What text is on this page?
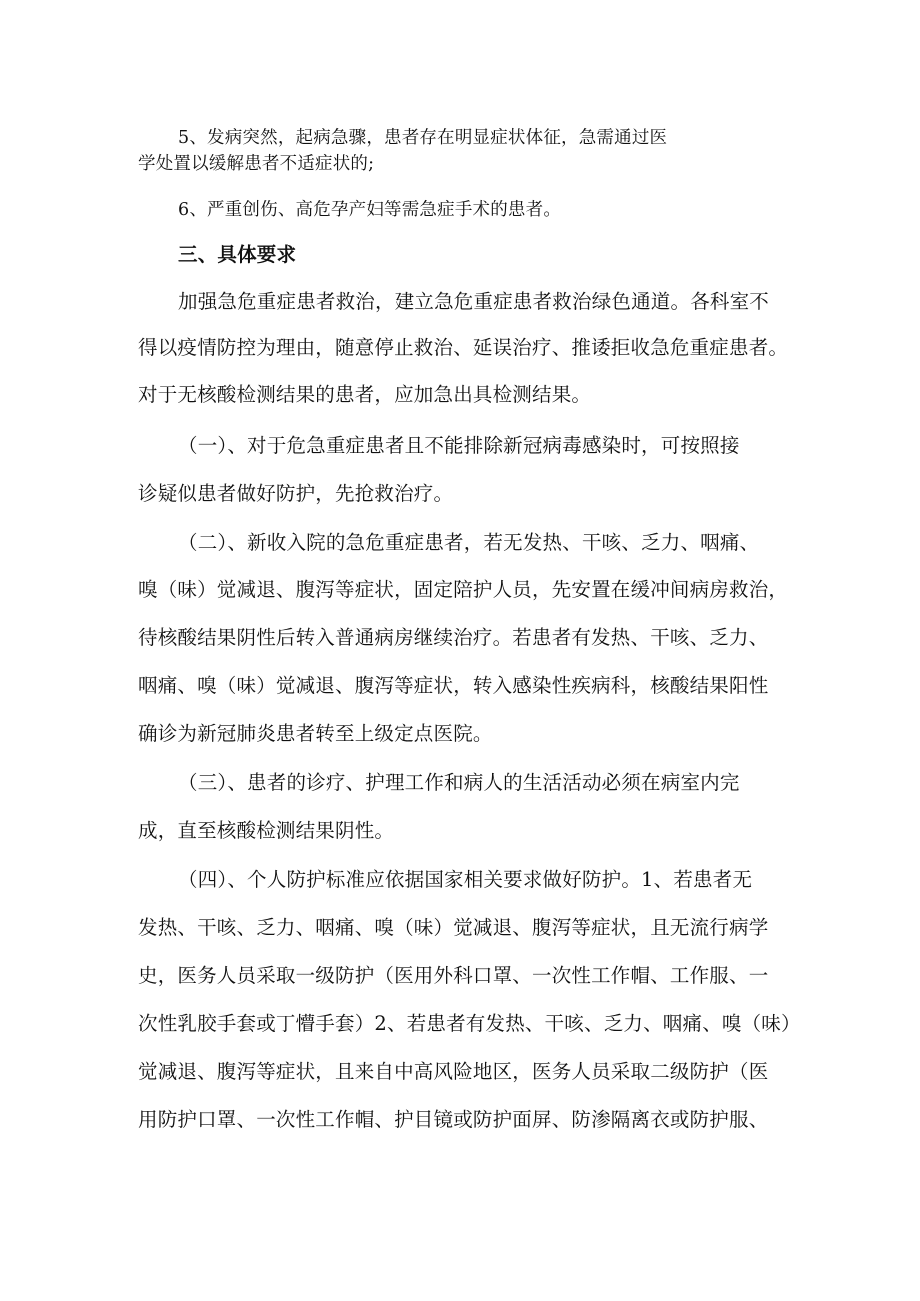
5、发病突然，起病急骤，患者存在明显症状体征，急需通过医
学处置以缓解患者不适症状的;
6、严重创伤、高危孕产妇等需急症手术的患者。
三、具体要求
加强急危重症患者救治，建立急危重症患者救治绿色通道。各科室不
得以疫情防控为理由，随意停止救治、延误治疗、推诿拒收急危重症患者。
对于无核酸检测结果的患者，应加急出具检测结果。
（一）、对于危急重症患者且不能排除新冠病毒感染时，可按照接
诊疑似患者做好防护，先抢救治疗。
（二）、新收入院的急危重症患者，若无发热、干咳、乏力、咽痛、
嗅（味）觉减退、腹泻等症状，固定陪护人员，先安置在缓冲间病房救治，
待核酸结果阴性后转入普通病房继续治疗。若患者有发热、干咳、乏力、
咽痛、嗅（味）觉减退、腹泻等症状，转入感染性疾病科，核酸结果阳性
确诊为新冠肺炎患者转至上级定点医院。
（三）、患者的诊疗、护理工作和病人的生活活动必须在病室内完
成，直至核酸检测结果阴性。
（四）、个人防护标准应依据国家相关要求做好防护。1、若患者无
发热、干咳、乏力、咽痛、嗅（味）觉减退、腹泻等症状，且无流行病学
史，医务人员采取一级防护（医用外科口罩、一次性工作帽、工作服、一
次性乳胶手套或丁懵手套）2、若患者有发热、干咳、乏力、咽痛、嗅（味）
觉减退、腹泻等症状，且来自中高风险地区，医务人员采取二级防护（医
用防护口罩、一次性工作帽、护目镜或防护面屏、防渗隔离衣或防护服、
